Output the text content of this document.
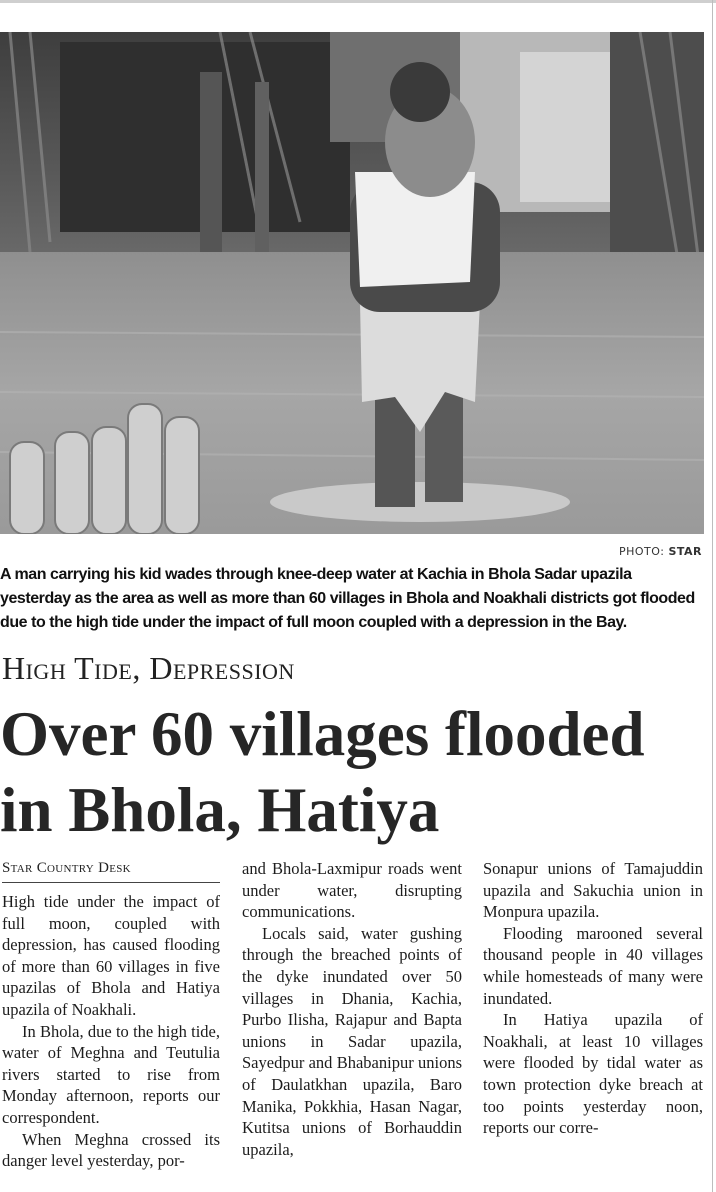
PHOTO: STAR
A man carrying his kid wades through knee-deep water at Kachia in Bhola Sadar upazila yesterday as the area as well as more than 60 villages in Bhola and Noakhali districts got flooded due to the high tide under the impact of full moon coupled with a depression in the Bay.
High Tide, Depression
Over 60 villages flooded
in Bhola, Hatiya
Star Country Desk

High tide under the impact of full moon, coupled with depression, has caused flooding of more than 60 villages in five upazilas of Bhola and Hatiya upazila of Noakhali.

In Bhola, due to the high tide, water of Meghna and Teutulia rivers started to rise from Monday afternoon, reports our correspondent.

When Meghna crossed its danger level yesterday, por-

and Bhola-Laxmipur roads went under water, disrupting communications.

Locals said, water gushing through the breached points of the dyke inundated over 50 villages in Dhania, Kachia, Purbo Ilisha, Rajapur and Bapta unions in Sadar upazila, Sayedpur and Bhabanipur unions of Daulatkhan upazila, Baro Manika, Pokkhia, Hasan Nagar, Kutitsa unions of Borhauddin upazila,

Sonapur unions of Tamajuddin upazila and Sakuchia union in Monpura upazila.

Flooding marooned several thousand people in 40 villages while homesteads of many were inundated.

In Hatiya upazila of Noakhali, at least 10 villages were flooded by tidal water as town protection dyke breach at too points yesterday noon, reports our corre-
